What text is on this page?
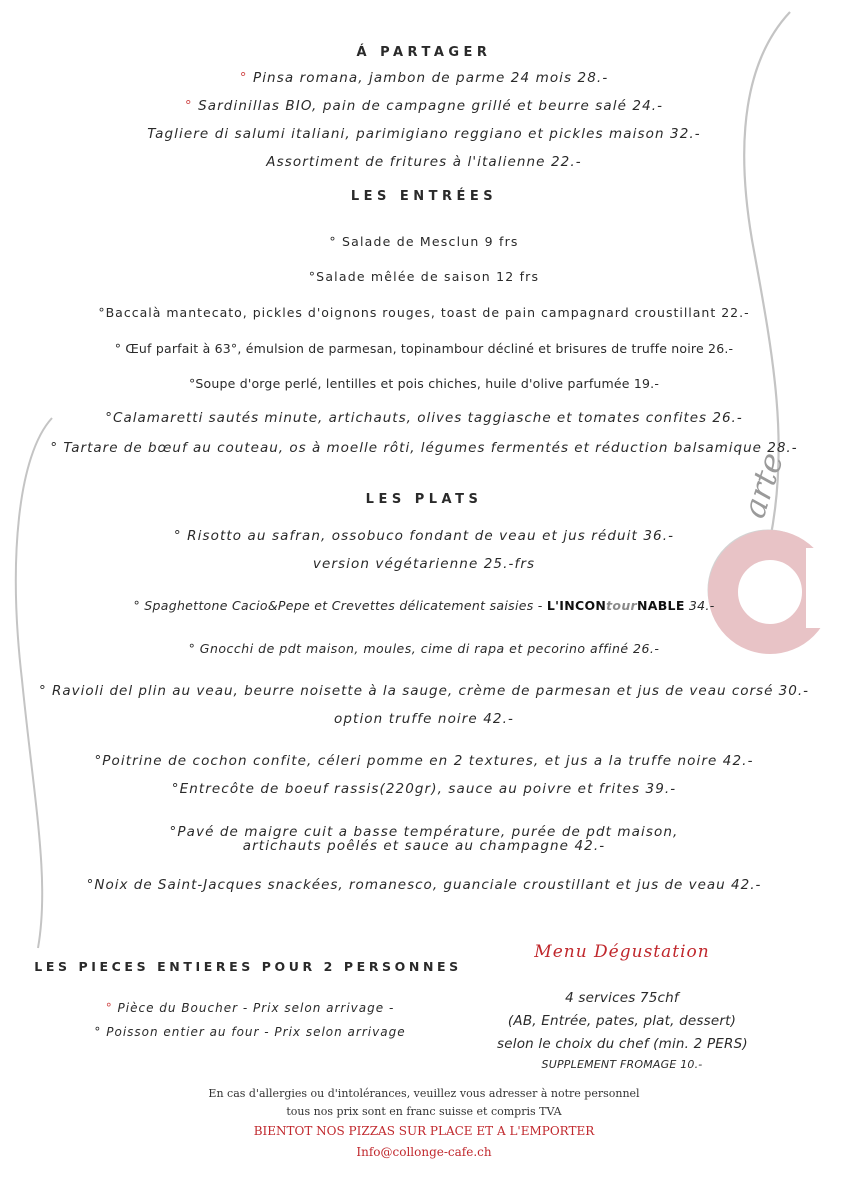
arte
Á PARTAGER
° Pinsa romana, jambon de parme 24 mois 28.-
° Sardinillas BIO, pain de campagne grillé et beurre salé 24.-
Tagliere di salumi italiani, parimigiano reggiano et pickles maison 32.-
Assortiment de fritures à l'italienne 22.-
LES ENTRÉES
° Salade de Mesclun 9 frs
°Salade mêlée de saison 12 frs
°Baccalà mantecato, pickles d'oignons rouges, toast de pain campagnard croustillant 22.-
° Œuf parfait à 63°, émulsion de parmesan, topinambour décliné et brisures de truffe noire 26.-
°Soupe d'orge perlé, lentilles et pois chiches, huile d'olive parfumée 19.-
°Calamaretti sautés minute, artichauts, olives taggiasche et tomates confites 26.-
° Tartare de bœuf au couteau, os à moelle rôti, légumes fermentés et réduction balsamique 28.-
LES PLATS
° Risotto au safran, ossobuco fondant de veau et jus réduit 36.-
version végétarienne 25.-frs
° Spaghettone Cacio&Pepe et Crevettes délicatement saisies - L'INCONtourNABLE 34.-
° Gnocchi de pdt maison, moules, cime di rapa et pecorino affiné 26.-
° Ravioli del plin au veau, beurre noisette à la sauge, crème de parmesan et jus de veau corsé 30.-
option truffe noire 42.-
°Poitrine de cochon confite, céleri pomme en 2 textures, et jus a la truffe noire 42.-
°Entrecôte de boeuf rassis(220gr), sauce au poivre et frites 39.-
°Pavé de maigre cuit a basse température, purée de pdt maison,
artichauts poêlés et sauce au champagne 42.-
°Noix de Saint-Jacques snackées, romanesco, guanciale croustillant et jus de veau 42.-
LES PIECES ENTIERES POUR 2 PERSONNES
° Pièce du Boucher - Prix selon arrivage -
° Poisson entier au four - Prix selon arrivage
Menu Dégustation
4 services 75chf
(AB, Entrée, pates, plat, dessert)
selon le choix du chef (min. 2 PERS)
SUPPLEMENT FROMAGE 10.-
En cas d'allergies ou d'intolérances, veuillez vous adresser à notre personnel
tous nos prix sont en franc suisse et compris TVA
BIENTOT NOS PIZZAS SUR PLACE ET A L'EMPORTER
Info@collonge-cafe.ch
